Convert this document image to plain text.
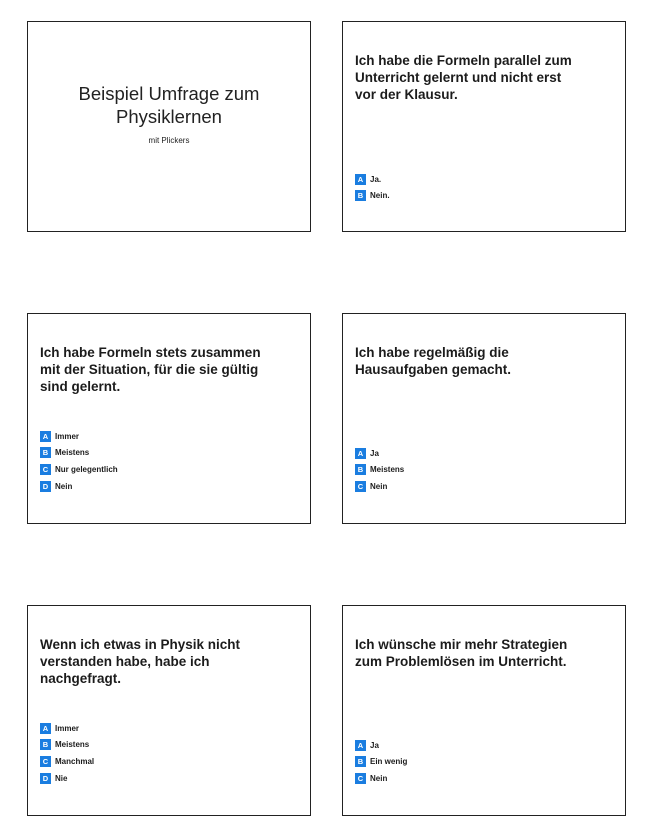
Beispiel Umfrage zum Physiklernen
mit Plickers
Ich habe die Formeln parallel zum Unterricht gelernt und nicht erst vor der Klausur.
A Ja.
B Nein.
Ich habe Formeln stets zusammen mit der Situation, für die sie gültig sind gelernt.
A Immer
B Meistens
C Nur gelegentlich
D Nein
Ich habe regelmäßig die Hausaufgaben gemacht.
A Ja
B Meistens
C Nein
Wenn ich etwas in Physik nicht verstanden habe, habe ich nachgefragt.
A Immer
B Meistens
C Manchmal
D Nie
Ich wünsche mir mehr Strategien zum Problemlösen im Unterricht.
A Ja
B Ein wenig
C Nein
